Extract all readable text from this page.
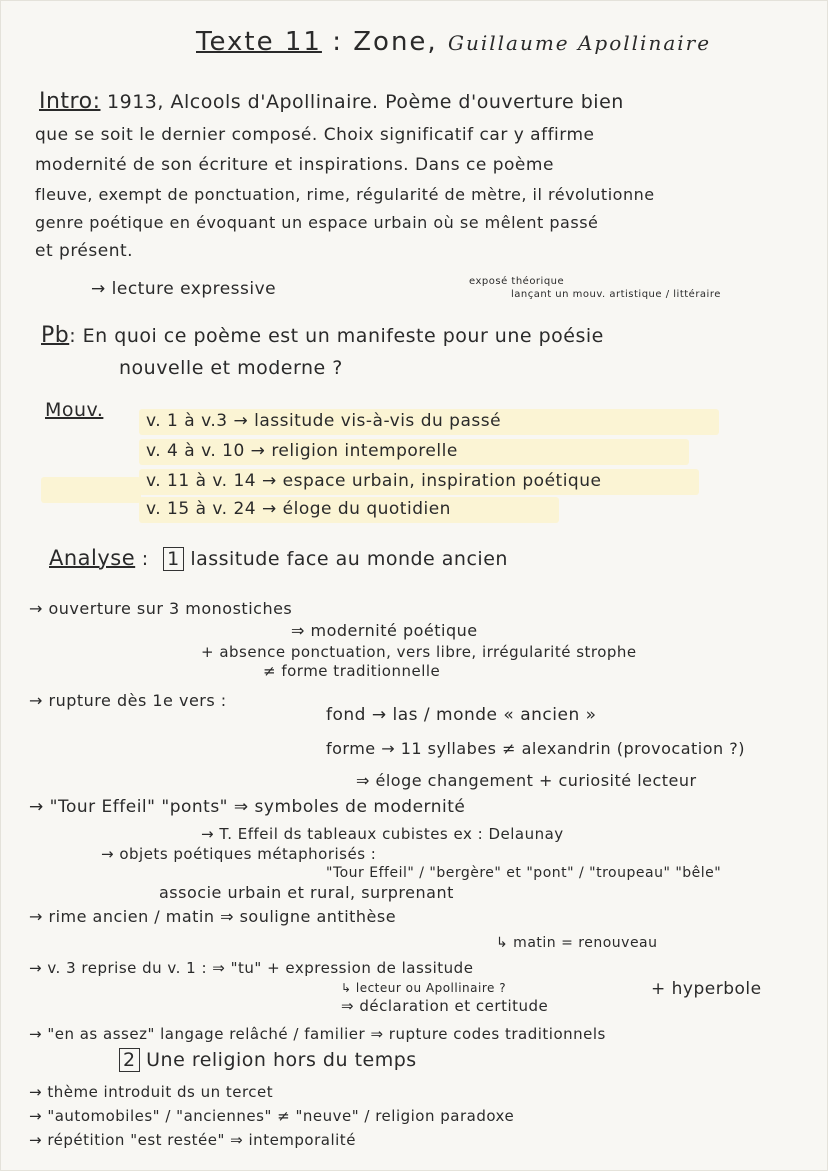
Texte 11 : Zone, Guillaume Apollinaire
Intro: 1913, Alcools d'Apollinaire. Poème d'ouverture bien
que se soit le dernier composé. Choix significatif car y affirme
modernité de son écriture et inspirations. Dans ce poème
fleuve, exempt de ponctuation, rime, régularité de mètre, il révolutionne
genre poétique en évoquant un espace urbain où se mêlent passé
et présent.
→ lecture expressive	exposé théorique
lançant un mouv. artistique / littéraire
Pb: En quoi ce poème est un manifeste pour une poésie
nouvelle et moderne ?
Mouv.	v. 1 à v.3 → lassitude vis-à-vis du passé
v. 4 à v. 10 → religion intemporelle
v. 11 à v. 14 → espace urbain, inspiration poétique
v. 15 à v. 24 → éloge du quotidien
Analyse : 1 lassitude face au monde ancien
→ ouverture sur 3 monostiches
⇒ modernité poétique
+ absence ponctuation, vers libre, irrégularité strophe
≠ forme traditionnelle
→ rupture dès 1e vers :
fond → las / monde « ancien »
forme → 11 syllabes ≠ alexandrin (provocation ?)
⇒ éloge changement + curiosité lecteur
→ "Tour Effeil" "ponts" ⇒ symboles de modernité
→ T. Effeil ds tableaux cubistes ex : Delaunay
→ objets poétiques métaphorisés :
"Tour Effeil" / "bergère" et "pont" / "troupeau" "bêle"
associe urbain et rural, surprenant
→ rime ancien / matin ⇒ souligne antithèse
↳ matin = renouveau
→ v. 3 reprise du v. 1 : ⇒ "tu" + expression de lassitude
↳ lecteur ou Apollinaire ?
⇒ déclaration et certitude
+ hyperbole
→ "en as assez" langage relâché / familier ⇒ rupture codes traditionnels
2 Une religion hors du temps
→ thème introduit ds un tercet
→ "automobiles" / "anciennes" ≠ "neuve" / religion paradoxe
→ répétition "est restée" ⇒ intemporalité
